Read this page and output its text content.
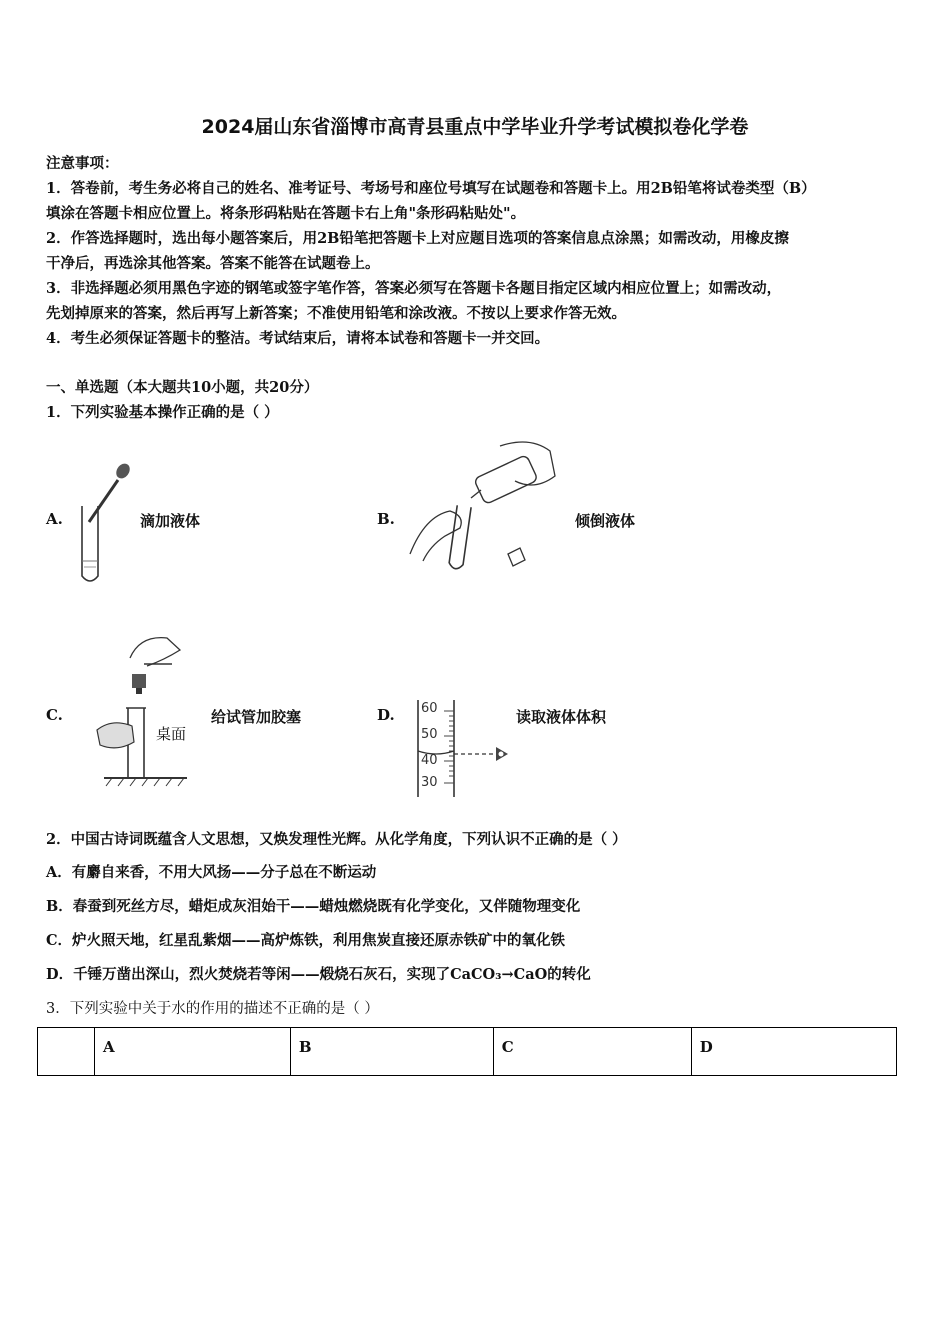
2024届山东省淄博市高青县重点中学毕业升学考试模拟卷化学卷
注意事项：
1．答卷前，考生务必将自己的姓名、准考证号、考场号和座位号填写在试题卷和答题卡上。用2B铅笔将试卷类型（B）
填涂在答题卡相应位置上。将条形码粘贴在答题卡右上角"条形码粘贴处"。
2．作答选择题时，选出每小题答案后，用2B铅笔把答题卡上对应题目选项的答案信息点涂黑；如需改动，用橡皮擦
干净后，再选涂其他答案。答案不能答在试题卷上。
3．非选择题必须用黑色字迹的钢笔或签字笔作答，答案必须写在答题卡各题目指定区域内相应位置上；如需改动，
先划掉原来的答案，然后再写上新答案；不准使用铅笔和涂改液。不按以上要求作答无效。
4．考生必须保证答题卡的整洁。考试结束后，请将本试卷和答题卡一并交回。
一、单选题（本大题共10小题，共20分）
1．下列实验基本操作正确的是（ ）
A.	滴加液体	B.	倾倒液体
C.
桌面
给试管加胶塞	D. 60
50
40
30
读取液体体积
2．中国古诗词既蕴含人文思想，又焕发理性光辉。从化学角度，下列认识不正确的是（ ）
A．有麝自来香，不用大风扬——分子总在不断运动
B．春蚕到死丝方尽，蜡炬成灰泪始干——蜡烛燃烧既有化学变化，又伴随物理变化
C．炉火照天地，红星乱紫烟——高炉炼铁，利用焦炭直接还原赤铁矿中的氧化铁
D．千锤万凿出深山，烈火焚烧若等闲——煅烧石灰石，实现了CaCO₃→CaO的转化
3．下列实验中关于水的作用的描述不正确的是（ ）
	A	B	C	D
